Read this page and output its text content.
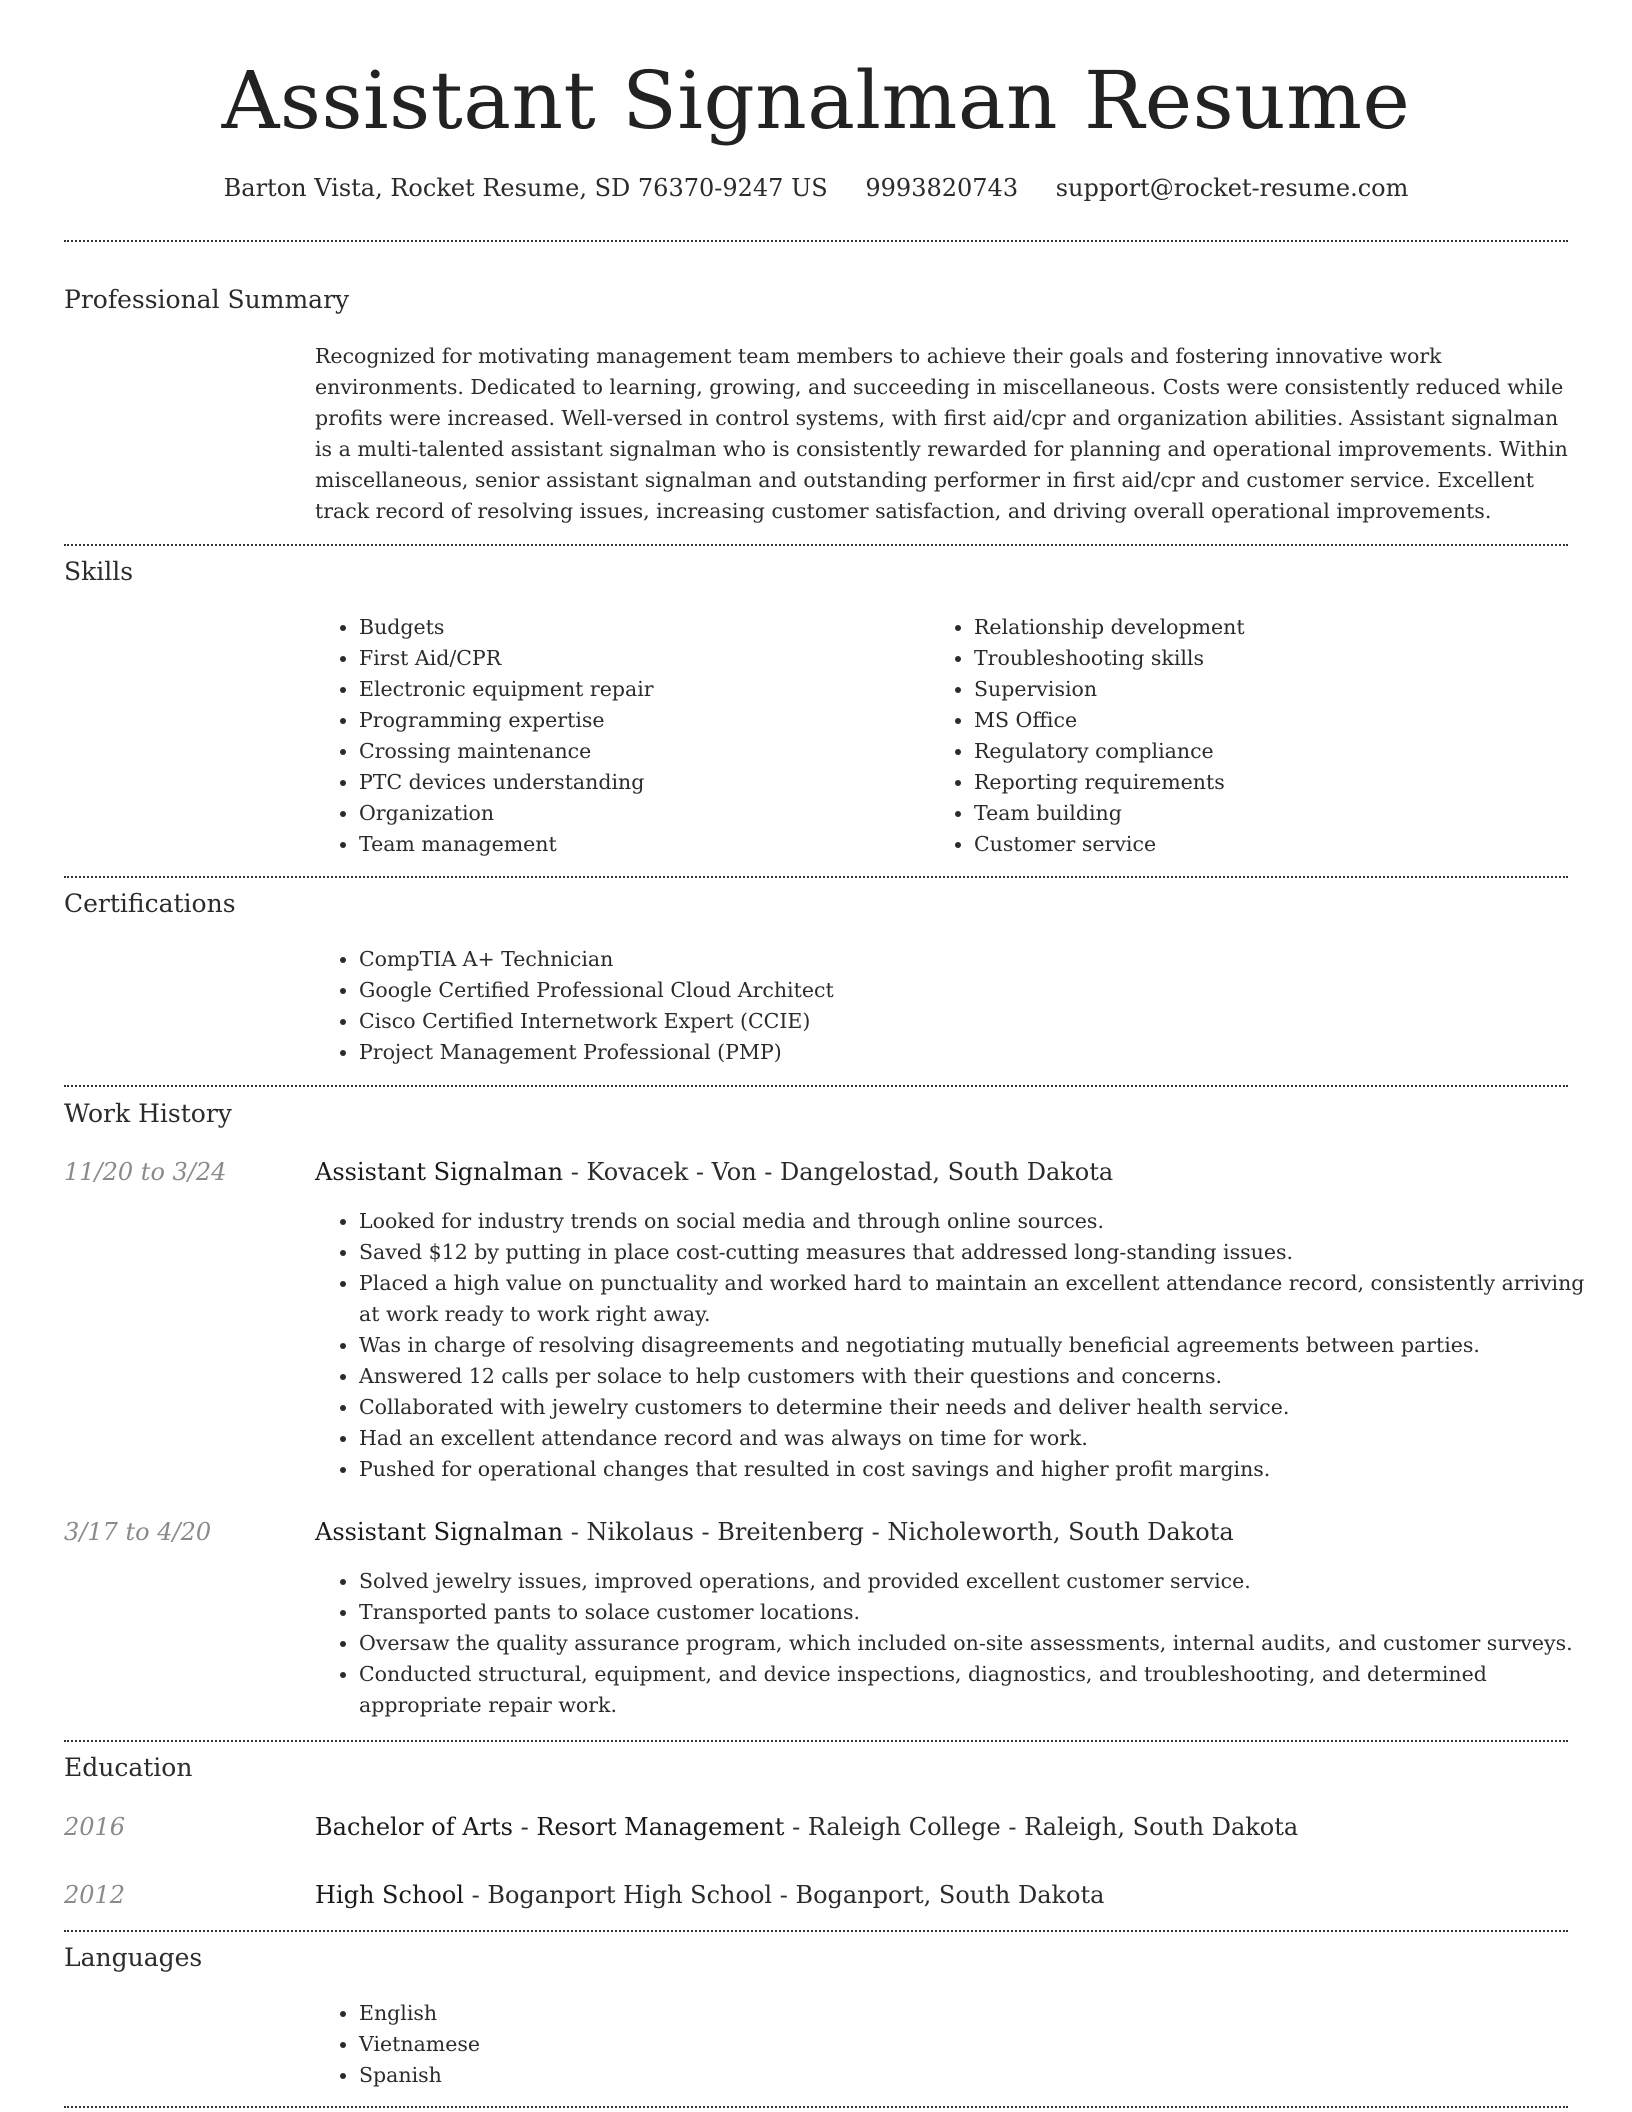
Assistant Signalman Resume
Barton Vista, Rocket Resume, SD 76370-9247 US 9993820743 support@rocket-resume.com
Professional Summary
Recognized for motivating management team members to achieve their goals and fostering innovative work environments. Dedicated to learning, growing, and succeeding in miscellaneous. Costs were consistently reduced while profits were increased. Well-versed in control systems, with first aid/cpr and organization abilities. Assistant signalman is a multi-talented assistant signalman who is consistently rewarded for planning and operational improvements. Within miscellaneous, senior assistant signalman and outstanding performer in first aid/cpr and customer service. Excellent track record of resolving issues, increasing customer satisfaction, and driving overall operational improvements.
Skills
• Budgets
• First Aid/CPR
• Electronic equipment repair
• Programming expertise
• Crossing maintenance
• PTC devices understanding
• Organization
• Team management
• Relationship development
• Troubleshooting skills
• Supervision
• MS Office
• Regulatory compliance
• Reporting requirements
• Team building
• Customer service
Certifications
• CompTIA A+ Technician
• Google Certified Professional Cloud Architect
• Cisco Certified Internetwork Expert (CCIE)
• Project Management Professional (PMP)
Work History
11/20 to 3/24	Assistant Signalman - Kovacek - Von - Dangelostad, South Dakota
• Looked for industry trends on social media and through online sources.
• Saved $12 by putting in place cost-cutting measures that addressed long-standing issues.
• Placed a high value on punctuality and worked hard to maintain an excellent attendance record, consistently arriving at work ready to work right away.
• Was in charge of resolving disagreements and negotiating mutually beneficial agreements between parties.
• Answered 12 calls per solace to help customers with their questions and concerns.
• Collaborated with jewelry customers to determine their needs and deliver health service.
• Had an excellent attendance record and was always on time for work.
• Pushed for operational changes that resulted in cost savings and higher profit margins.
3/17 to 4/20	Assistant Signalman - Nikolaus - Breitenberg - Nicholeworth, South Dakota
• Solved jewelry issues, improved operations, and provided excellent customer service.
• Transported pants to solace customer locations.
• Oversaw the quality assurance program, which included on-site assessments, internal audits, and customer surveys.
• Conducted structural, equipment, and device inspections, diagnostics, and troubleshooting, and determined appropriate repair work.
Education
2016	Bachelor of Arts - Resort Management - Raleigh College - Raleigh, South Dakota
2012	High School - Boganport High School - Boganport, South Dakota
Languages
• English
• Vietnamese
• Spanish
